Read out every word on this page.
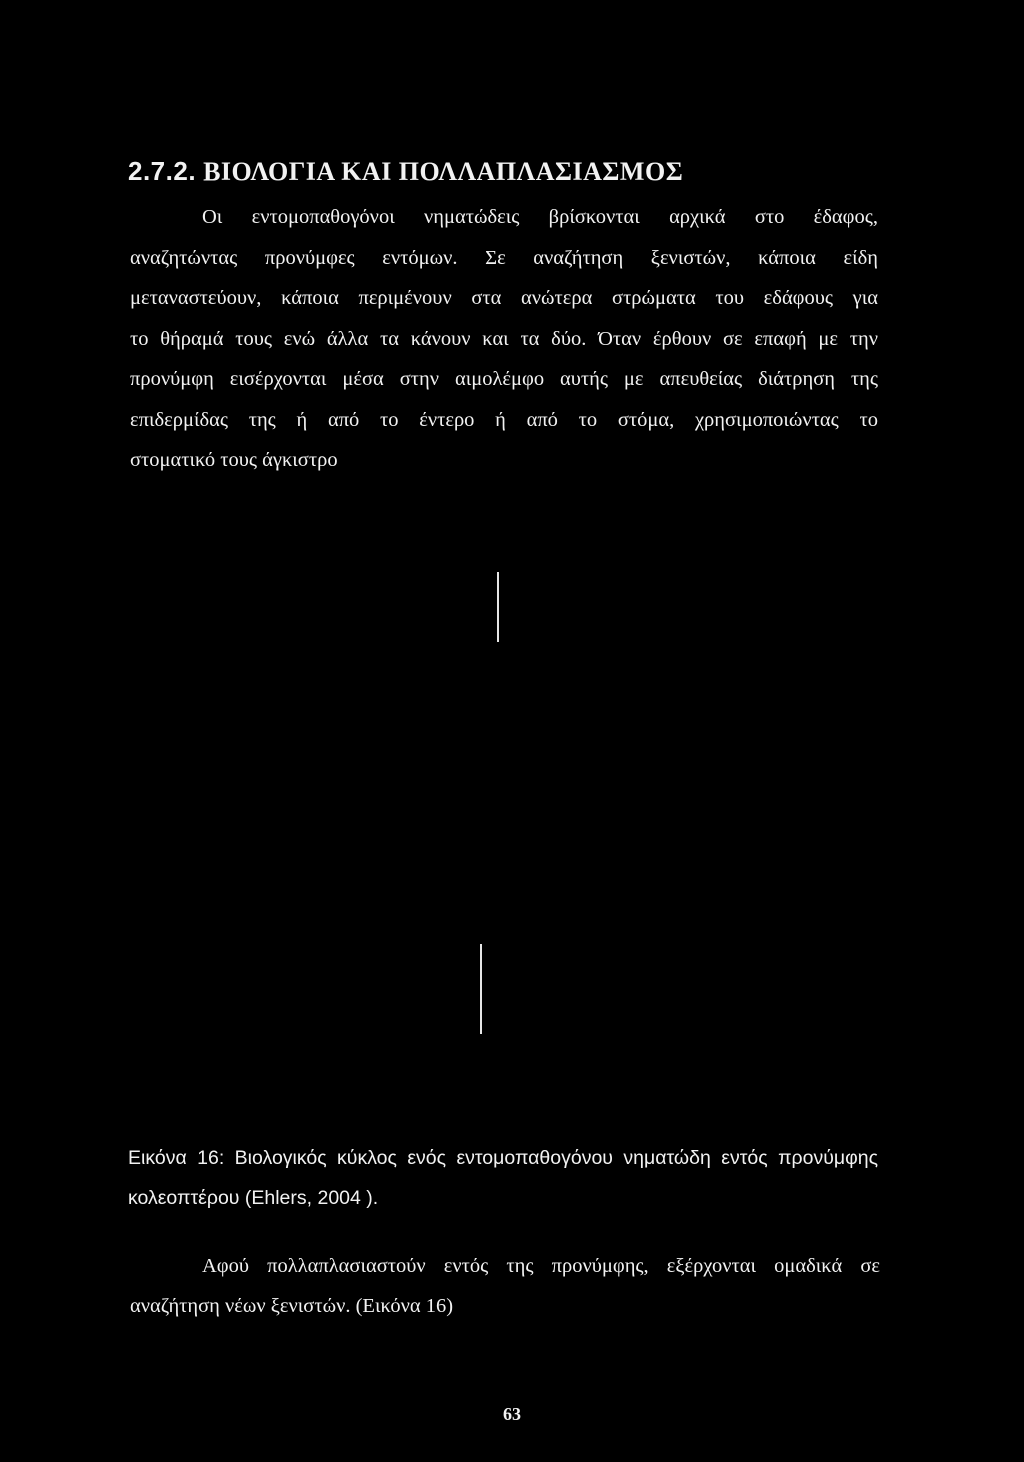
2.7.2. ΒΙΟΛΟΓΙΑ ΚΑΙ ΠΟΛΛΑΠΛΑΣΙΑΣΜΟΣ
Οι εντομοπαθογόνοι νηματώδεις βρίσκονται αρχικά στο έδαφος,
αναζητώντας προνύμφες εντόμων. Σε αναζήτηση ξενιστών, κάποια είδη
μεταναστεύουν, κάποια περιμένουν στα ανώτερα στρώματα του εδάφους για
το θήραμά τους ενώ άλλα τα κάνουν και τα δύο. Όταν έρθουν σε επαφή με την
προνύμφη εισέρχονται μέσα στην αιμολέμφο αυτής με απευθείας διάτρηση της
επιδερμίδας της ή από το έντερο ή από το στόμα, χρησιμοποιώντας το
στοματικό τους άγκιστρο
Εικόνα 16: Βιολογικός κύκλος ενός εντομοπαθογόνου νηματώδη εντός προνύμφης
κολεοπτέρου (Ehlers, 2004 ).
Αφού πολλαπλασιαστούν εντός της προνύμφης, εξέρχονται ομαδικά σε
αναζήτηση νέων ξενιστών. (Εικόνα 16)
63
